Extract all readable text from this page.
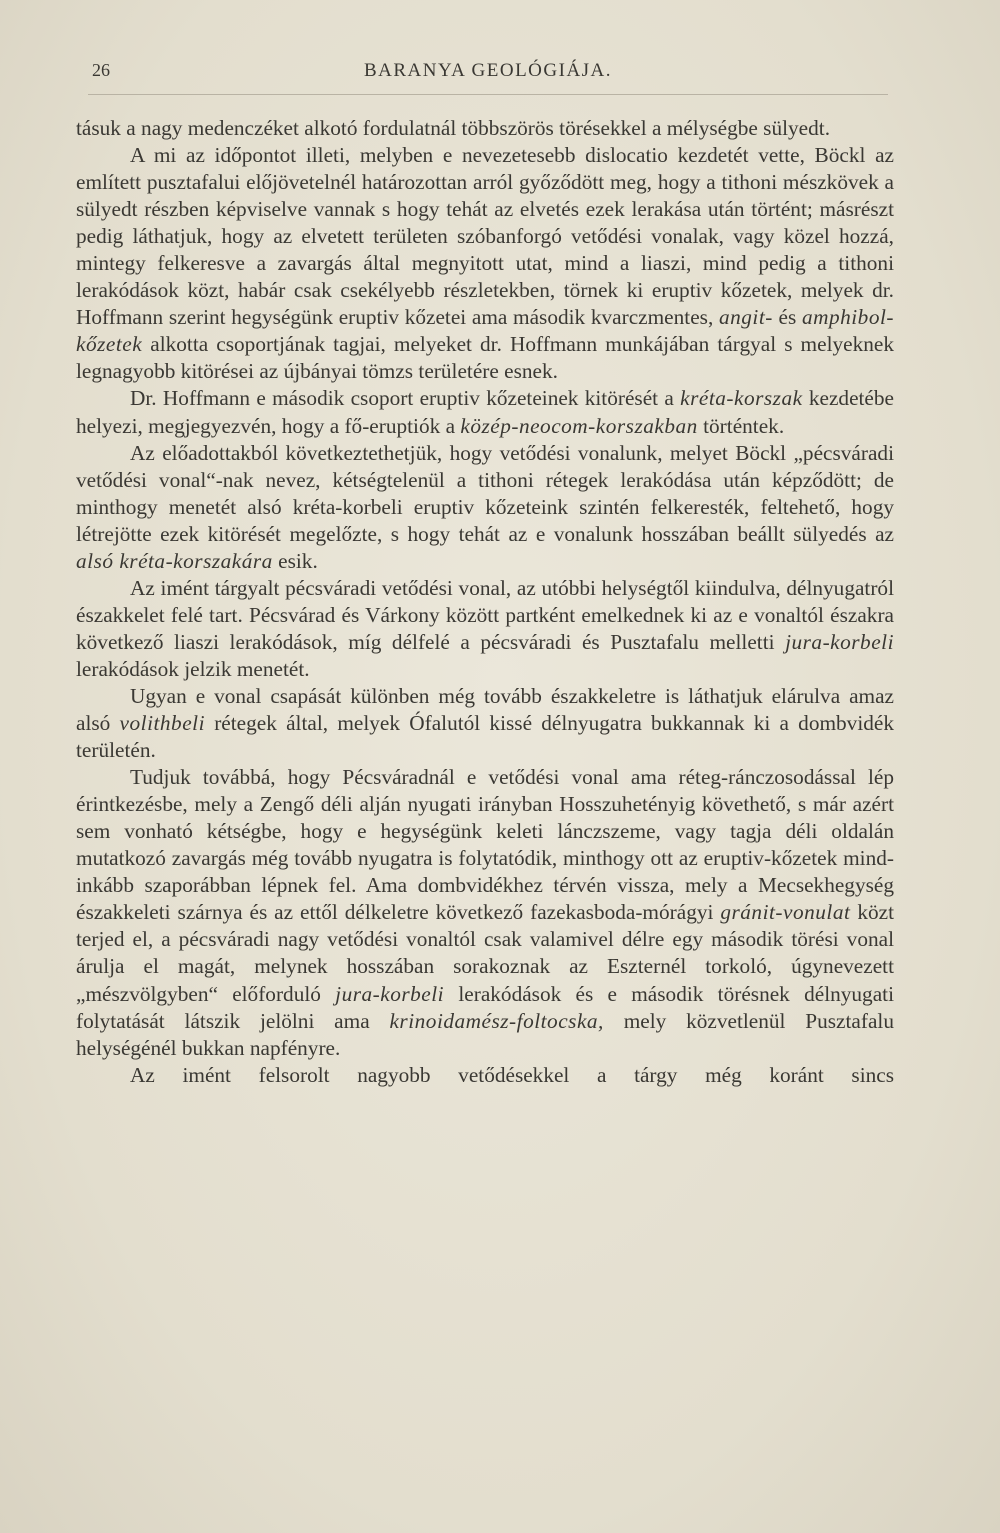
26	BARANYA GEOLÓGIÁJA.

tásuk a nagy medenczéket alkotó fordulatnál többszörös törésekkel a mélységbe sülyedt.

A mi az időpontot illeti, melyben e nevezetesebb dislocatio kezdetét vette, Böckl az említett pusztafalui előjövetelnél határozottan arról győződött meg, hogy a tithoni mészkövek a sülyedt részben képviselve vannak s hogy tehát az elvetés ezek lerakása után történt; másrészt pedig láthatjuk, hogy az elvetett területen szóbanforgó vetődési vonalak, vagy közel hozzá, mintegy felkeresve a zavargás által megnyitott utat, mind a liaszi, mind pedig a tithoni lerakódások közt, habár csak csekélyebb részletekben, törnek ki eruptiv kőzetek, melyek dr. Hoffmann szerint hegységünk eruptiv kőzetei ama második kvarczmentes, angit- és amphibol-kőzetek alkotta csoportjának tagjai, melyeket dr. Hoffmann munkájában tárgyal s melyeknek legnagyobb kitörései az újbányai tömzs területére esnek.

Dr. Hoffmann e második csoport eruptiv kőzeteinek kitörését a kréta-korszak kezdetébe helyezi, megjegyezvén, hogy a fő-eruptiók a közép-neocom-korszakban történtek.

Az előadottakból következtethetjük, hogy vetődési vonalunk, melyet Böckl „pécsváradi vetődési vonal“-nak nevez, kétségtelenül a tithoni rétegek lerakódása után képződött; de minthogy menetét alsó kréta-korbeli eruptiv kőzeteink szintén felkeresték, feltehető, hogy létrejötte ezek kitörését megelőzte, s hogy tehát az e vonalunk hosszában beállt sülyedés az alsó kréta-korszakára esik.

Az imént tárgyalt pécsváradi vetődési vonal, az utóbbi helységtől kiindulva, délnyugatról északkelet felé tart. Pécsvárad és Várkony között partként emelkednek ki az e vonaltól északra következő liaszi lerakódások, míg délfelé a pécsváradi és Pusztafalu melletti jura-korbeli lerakódások jelzik menetét.

Ugyan e vonal csapását különben még tovább északkeletre is láthatjuk elárulva amaz alsó volithbeli rétegek által, melyek Ófalutól kissé délnyugatra bukkannak ki a dombvidék területén.

Tudjuk továbbá, hogy Pécsváradnál e vetődési vonal ama réteg-ránczosodással lép érintkezésbe, mely a Zengő déli alján nyugati irányban Hosszuhetényig követhető, s már azért sem vonható kétségbe, hogy e hegységünk keleti lánczszeme, vagy tagja déli oldalán mutatkozó zavargás még tovább nyugatra is folytatódik, minthogy ott az eruptiv-kőzetek mind-inkább szaporábban lépnek fel. Ama dombvidékhez térvén vissza, mely a Mecsekhegység északkeleti szárnya és az ettől délkeletre következő fazekasboda-mórágyi gránit-vonulat közt terjed el, a pécsváradi nagy vetődési vonaltól csak valamivel délre egy második törési vonal árulja el magát, melynek hosszában sorakoznak az Eszternél torkoló, úgynevezett „mészvölgyben“ előforduló jura-korbeli lerakódások és e második törésnek délnyugati folytatását látszik jelölni ama krinoidamész-foltocska, mely közvetlenül Pusztafalu helységénél bukkan napfényre.

Az imént felsorolt nagyobb vetődésekkel a tárgy még koránt sincs
